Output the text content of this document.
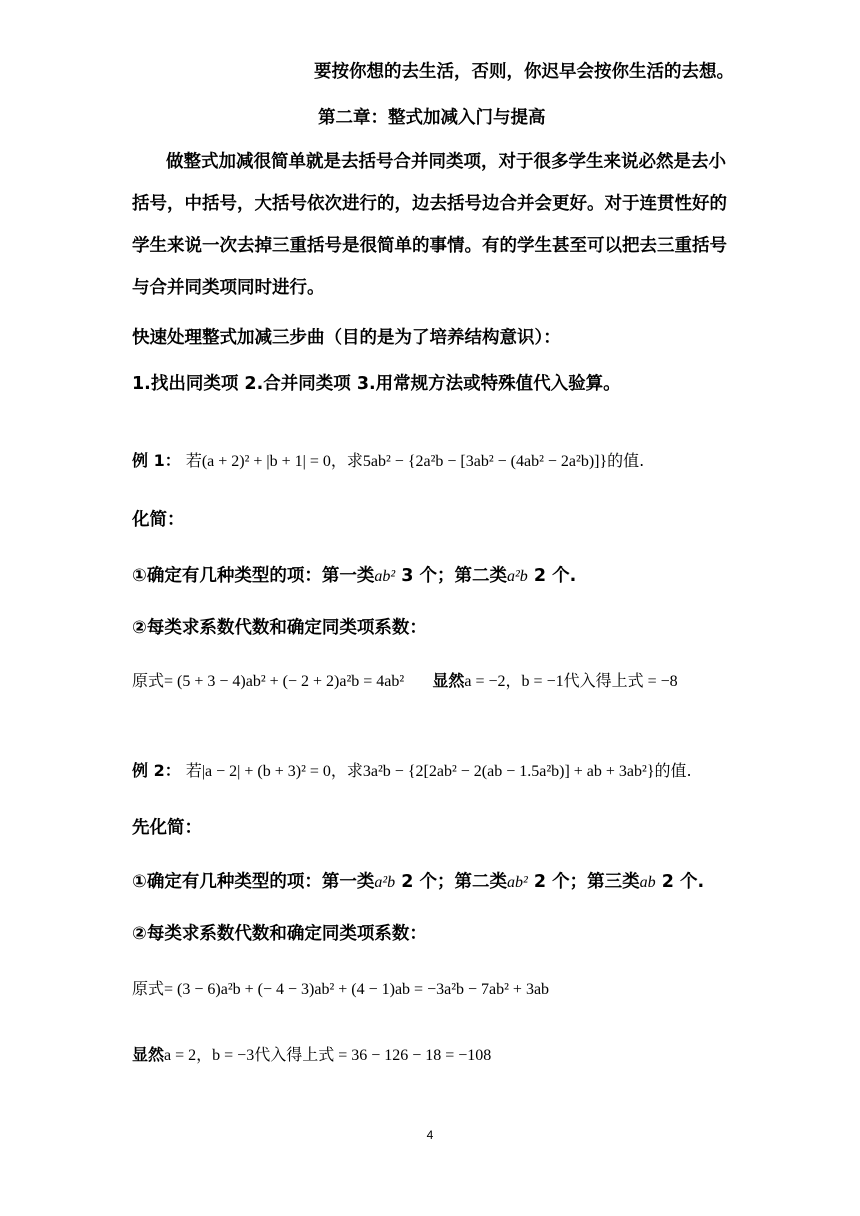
要按你想的去生活，否则，你迟早会按你生活的去想。
第二章：整式加减入门与提高
做整式加减很简单就是去括号合并同类项，对于很多学生来说必然是去小
括号，中括号，大括号依次进行的，边去括号边合并会更好。对于连贯性好的
学生来说一次去掉三重括号是很简单的事情。有的学生甚至可以把去三重括号
与合并同类项同时进行。
快速处理整式加减三步曲（目的是为了培养结构意识）：
1.找出同类项 2.合并同类项 3.用常规方法或特殊值代入验算。
例 1： 若(a + 2)² + |b + 1| = 0，求5ab² − {2a²b − [3ab² − (4ab² − 2a²b)]}的值.
化简：
①确定有几种类型的项：第一类ab² 3 个；第二类a²b 2 个.
②每类求系数代数和确定同类项系数：
原式= (5 + 3 − 4)ab² + (− 2 + 2)a²b = 4ab² 显然a = −2，b = −1代入得上式 = −8
例 2： 若|a − 2| + (b + 3)² = 0，求3a²b − {2[2ab² − 2(ab − 1.5a²b)] + ab + 3ab²}的值.
先化简：
①确定有几种类型的项：第一类a²b 2 个；第二类ab² 2 个；第三类ab 2 个.
②每类求系数代数和确定同类项系数：
原式= (3 − 6)a²b + (− 4 − 3)ab² + (4 − 1)ab = −3a²b − 7ab² + 3ab
显然a = 2，b = −3代入得上式 = 36 − 126 − 18 = −108
4
